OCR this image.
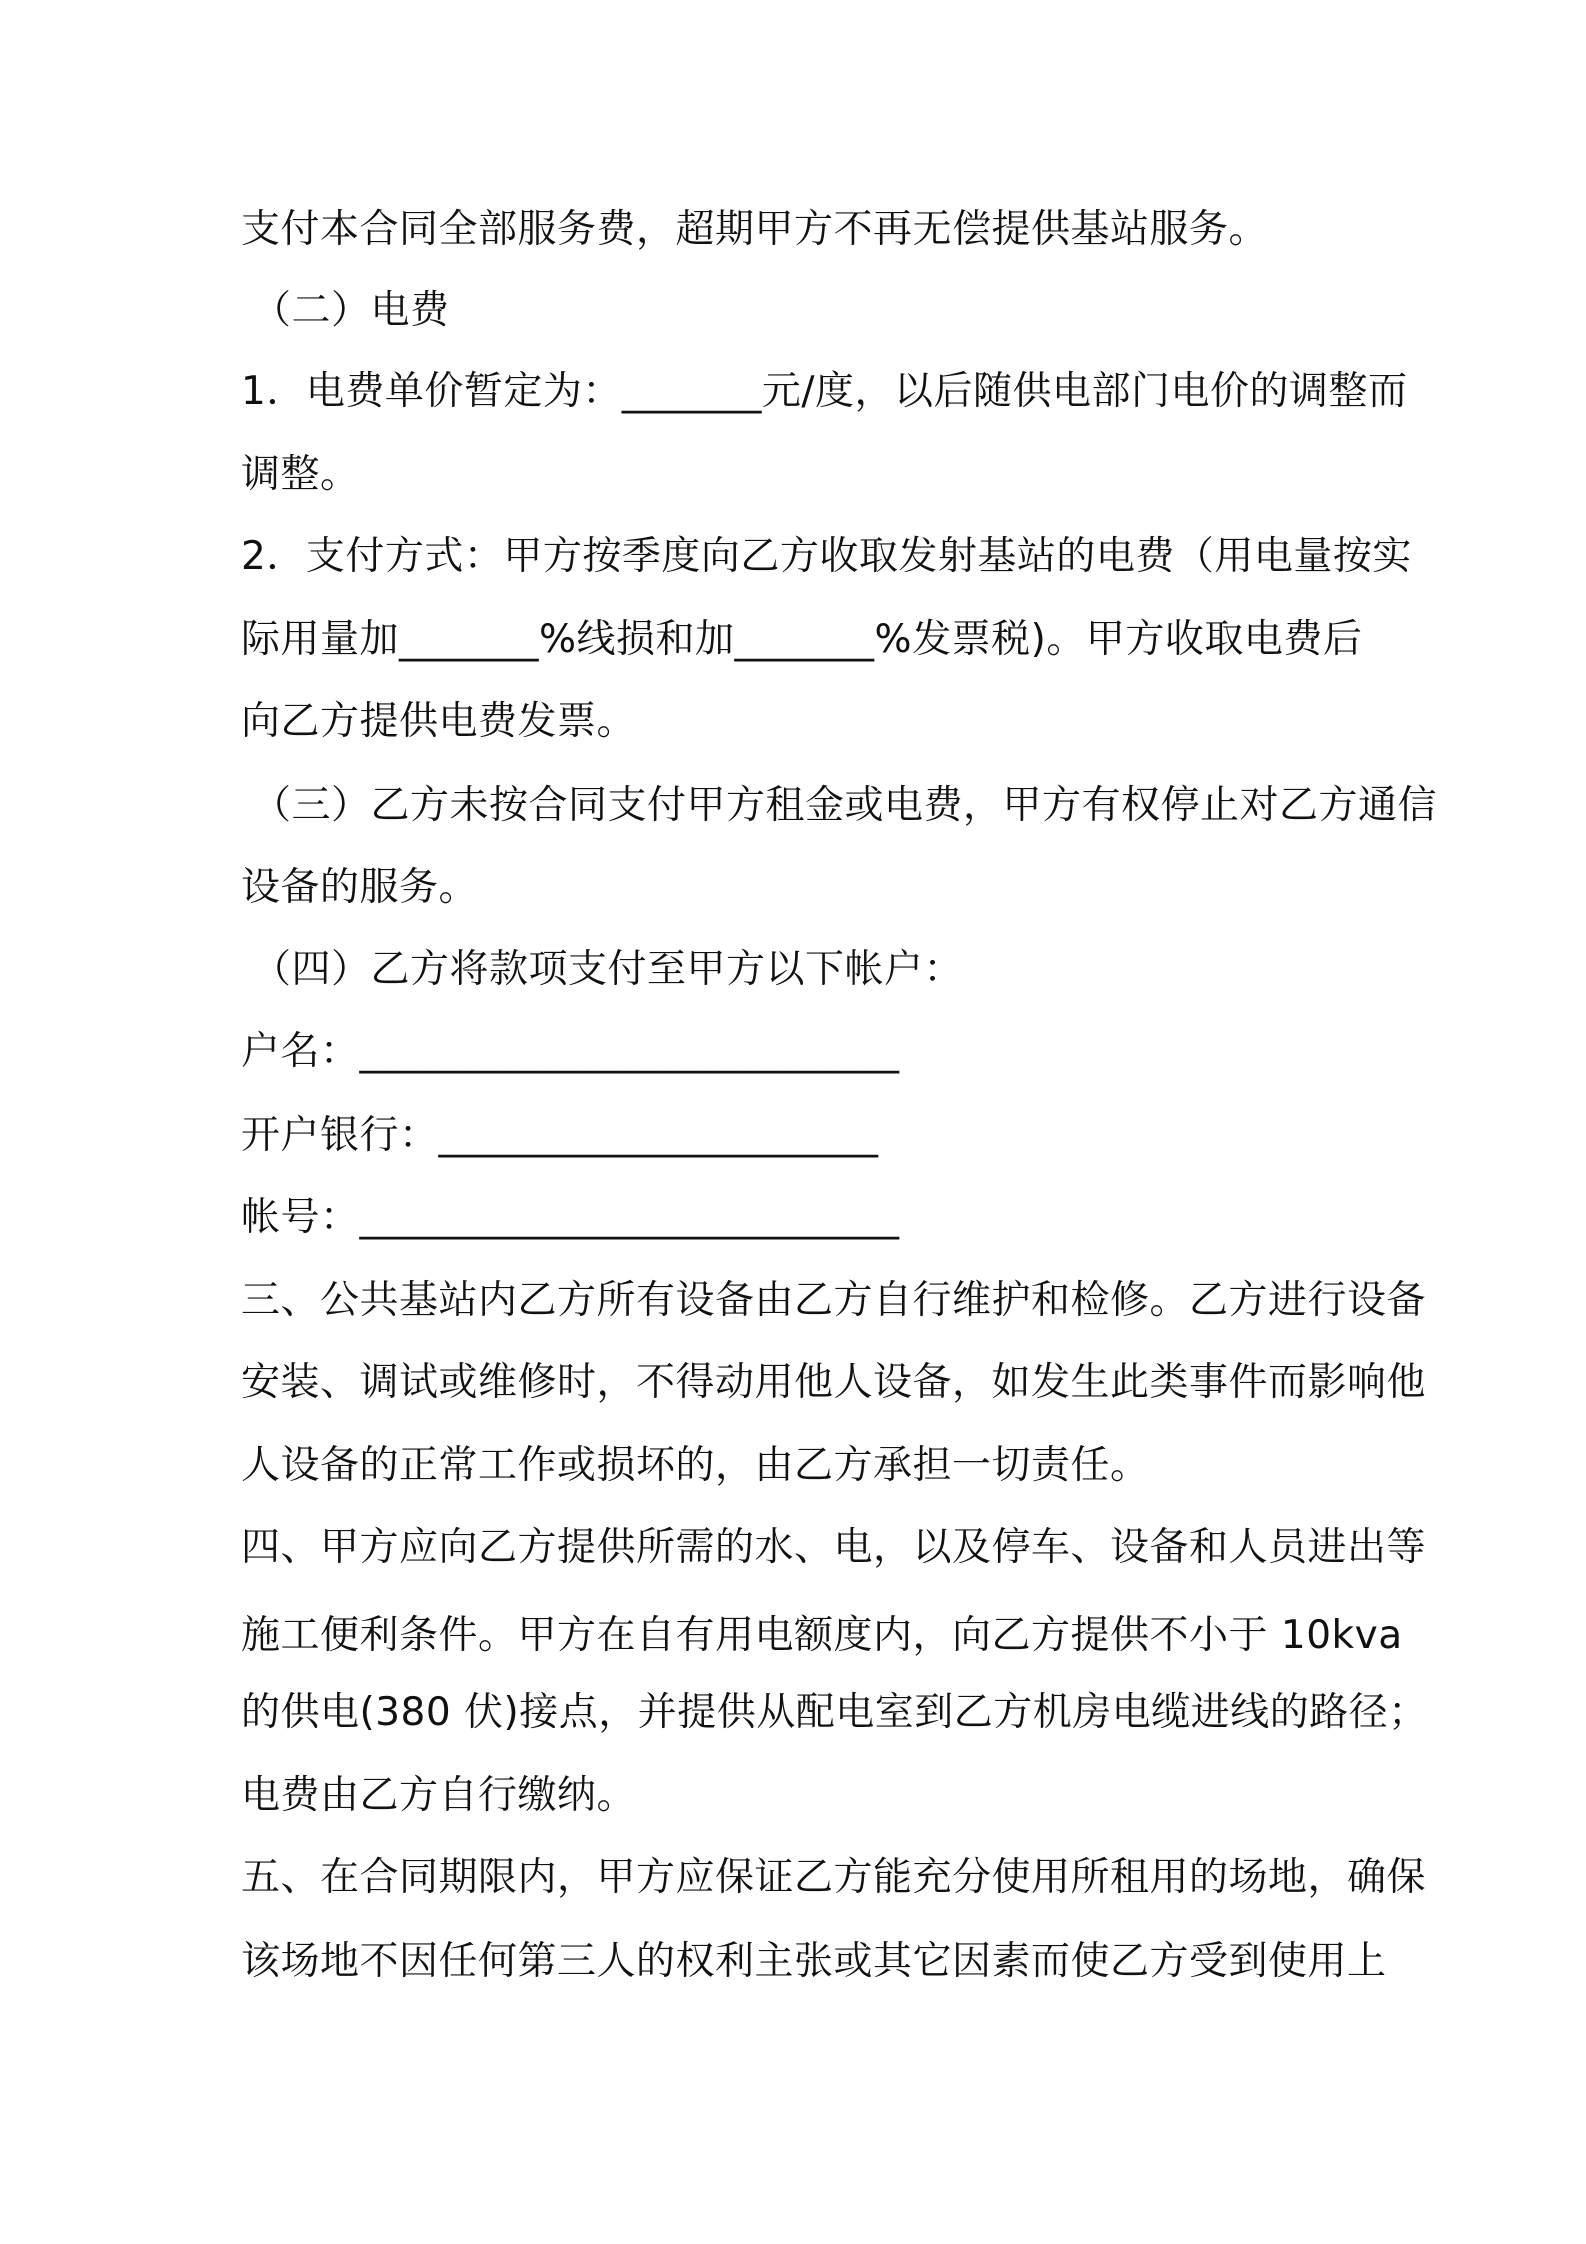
支付本合同全部服务费，超期甲方不再无偿提供基站服务。
（二）电费
1．电费单价暂定为：_______元/度，以后随供电部门电价的调整而
调整。
2．支付方式：甲方按季度向乙方收取发射基站的电费（用电量按实
际用量加_______%线损和加_______%发票税)。甲方收取电费后
向乙方提供电费发票。
（三）乙方未按合同支付甲方租金或电费，甲方有权停止对乙方通信
设备的服务。
（四）乙方将款项支付至甲方以下帐户：
户名：___________________________
开户银行：______________________
帐号：___________________________
三、公共基站内乙方所有设备由乙方自行维护和检修。乙方进行设备
安装、调试或维修时，不得动用他人设备，如发生此类事件而影响他
人设备的正常工作或损坏的，由乙方承担一切责任。
四、甲方应向乙方提供所需的水、电，以及停车、设备和人员进出等
施工便利条件。甲方在自有用电额度内，向乙方提供不小于 10kva
的供电(380 伏)接点，并提供从配电室到乙方机房电缆进线的路径；
电费由乙方自行缴纳。
五、在合同期限内，甲方应保证乙方能充分使用所租用的场地，确保
该场地不因任何第三人的权利主张或其它因素而使乙方受到使用上
